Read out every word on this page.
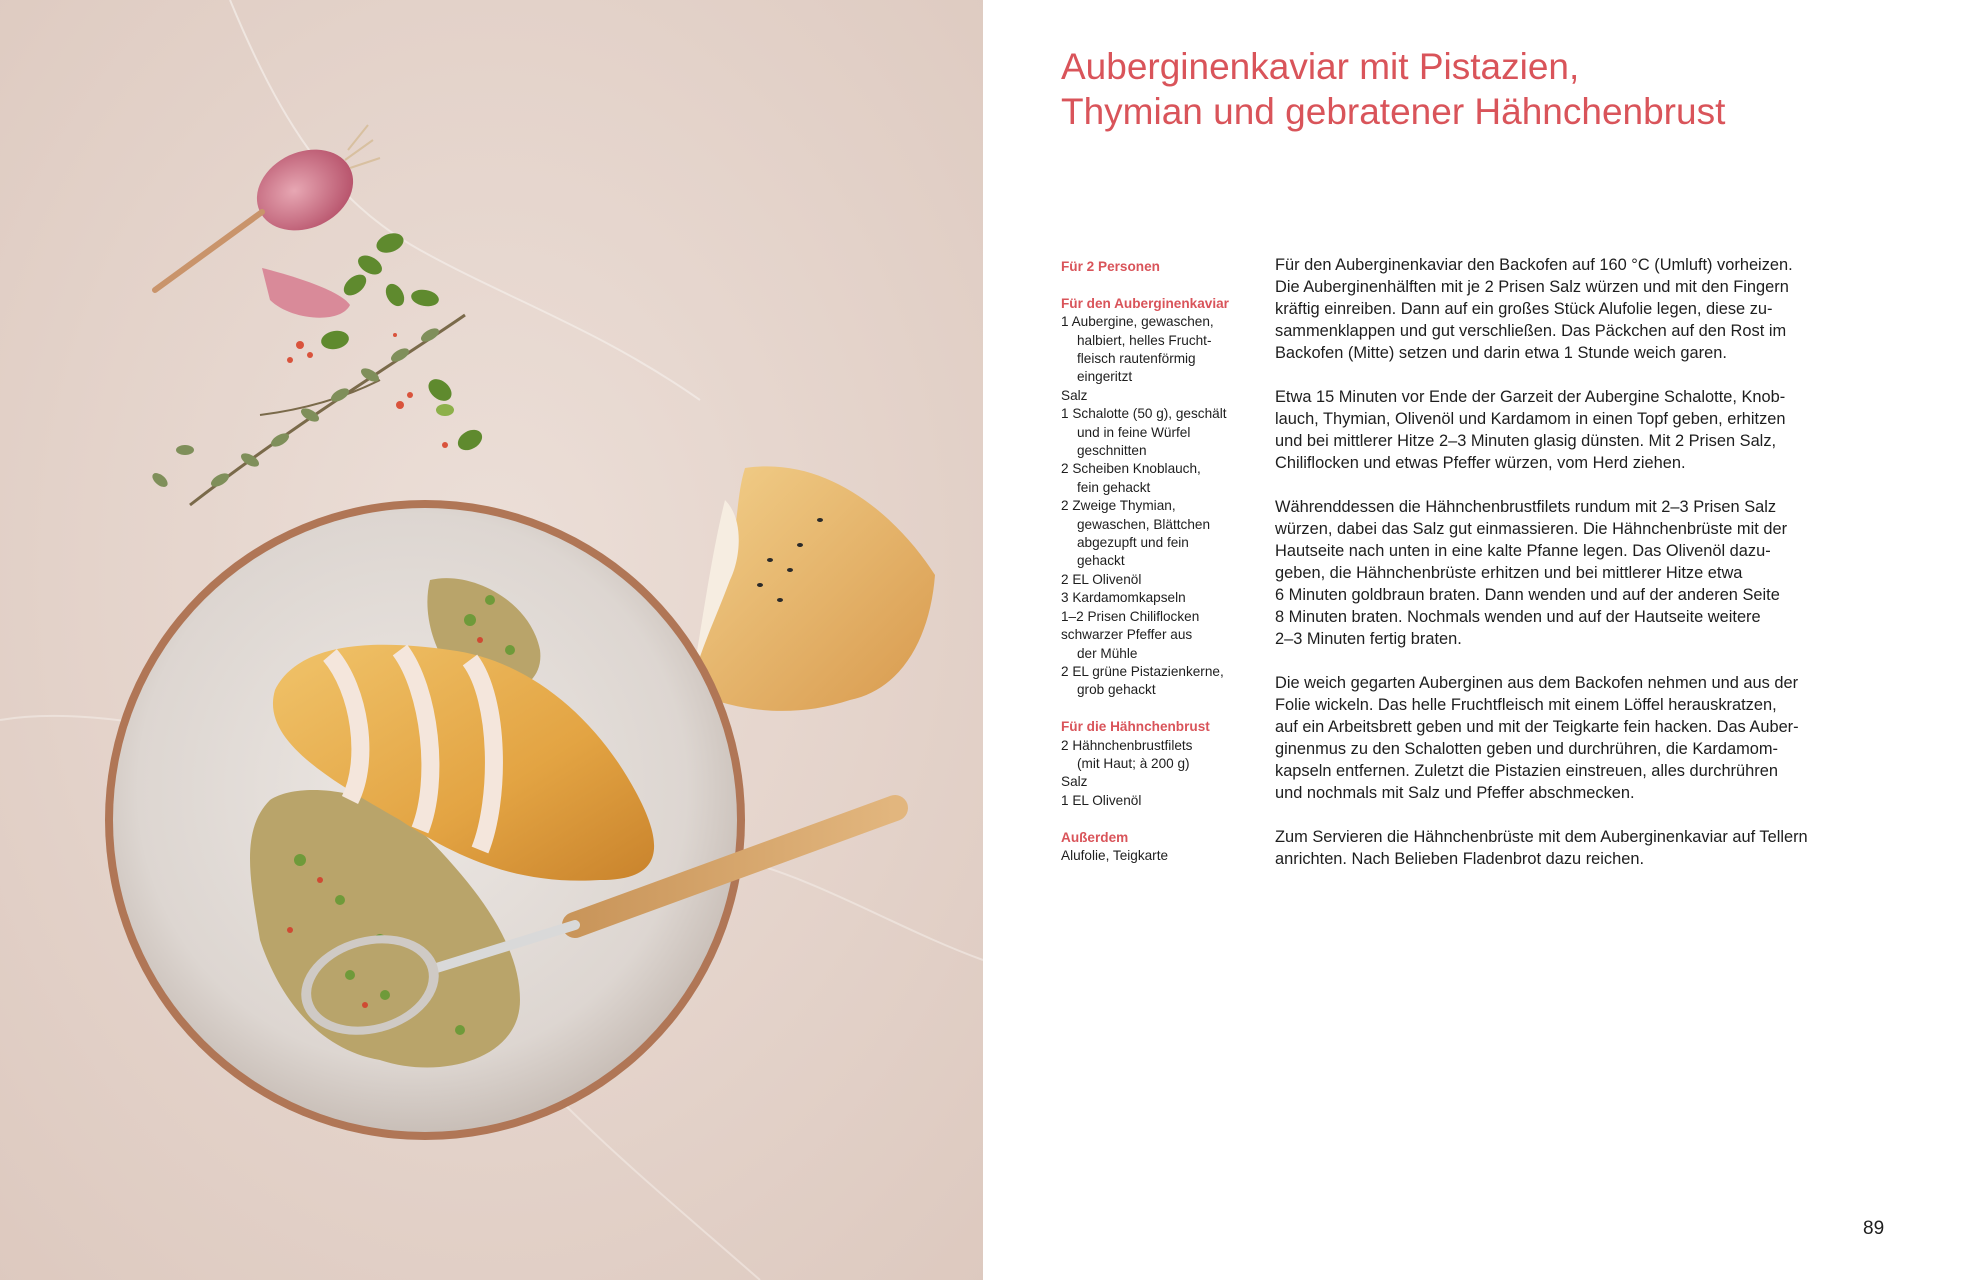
Auberginenkaviar mit Pistazien,
Thymian und gebratener Hähnchenbrust

Für 2 Personen

Für den Auberginenkaviar

1 Aubergine, gewaschen,

halbiert, helles Frucht-

fleisch rautenförmig

eingeritzt

Salz

1 Schalotte (50 g), geschält

und in feine Würfel

geschnitten

2 Scheiben Knoblauch,

fein gehackt

2 Zweige Thymian,

gewaschen, Blättchen

abgezupft und fein

gehackt

2 EL Olivenöl

3 Kardamomkapseln

1–2 Prisen Chiliflocken

schwarzer Pfeffer aus

der Mühle

2 EL grüne Pistazienkerne,

grob gehackt

Für die Hähnchenbrust

2 Hähnchenbrustfilets

(mit Haut; à 200 g)

Salz

1 EL Olivenöl

Außerdem

Alufolie, Teigkarte

Für den Auberginenkaviar den Backofen auf 160 °C (Umluft) vorheizen.
Die Auberginenhälften mit je 2 Prisen Salz würzen und mit den Fingern
kräftig einreiben. Dann auf ein großes Stück Alufolie legen, diese zu-
sammenklappen und gut verschließen. Das Päckchen auf den Rost im
Backofen (Mitte) setzen und darin etwa 1 Stunde weich garen.

Etwa 15 Minuten vor Ende der Garzeit der Aubergine Schalotte, Knob-
lauch, Thymian, Olivenöl und Kardamom in einen Topf geben, erhitzen
und bei mittlerer Hitze 2–3 Minuten glasig dünsten. Mit 2 Prisen Salz,
Chiliflocken und etwas Pfeffer würzen, vom Herd ziehen.

Währenddessen die Hähnchenbrustfilets rundum mit 2–3 Prisen Salz
würzen, dabei das Salz gut einmassieren. Die Hähnchenbrüste mit der
Hautseite nach unten in eine kalte Pfanne legen. Das Olivenöl dazu-
geben, die Hähnchenbrüste erhitzen und bei mittlerer Hitze etwa
6 Minuten goldbraun braten. Dann wenden und auf der anderen Seite
8 Minuten braten. Nochmals wenden und auf der Hautseite weitere
2–3 Minuten fertig braten.

Die weich gegarten Auberginen aus dem Backofen nehmen und aus der
Folie wickeln. Das helle Fruchtfleisch mit einem Löffel herauskratzen,
auf ein Arbeitsbrett geben und mit der Teigkarte fein hacken. Das Auber-
ginenmus zu den Schalotten geben und durchrühren, die Kardamom-
kapseln entfernen. Zuletzt die Pistazien einstreuen, alles durchrühren
und nochmals mit Salz und Pfeffer abschmecken.

Zum Servieren die Hähnchenbrüste mit dem Auberginenkaviar auf Tellern
anrichten. Nach Belieben Fladenbrot dazu reichen.

89
